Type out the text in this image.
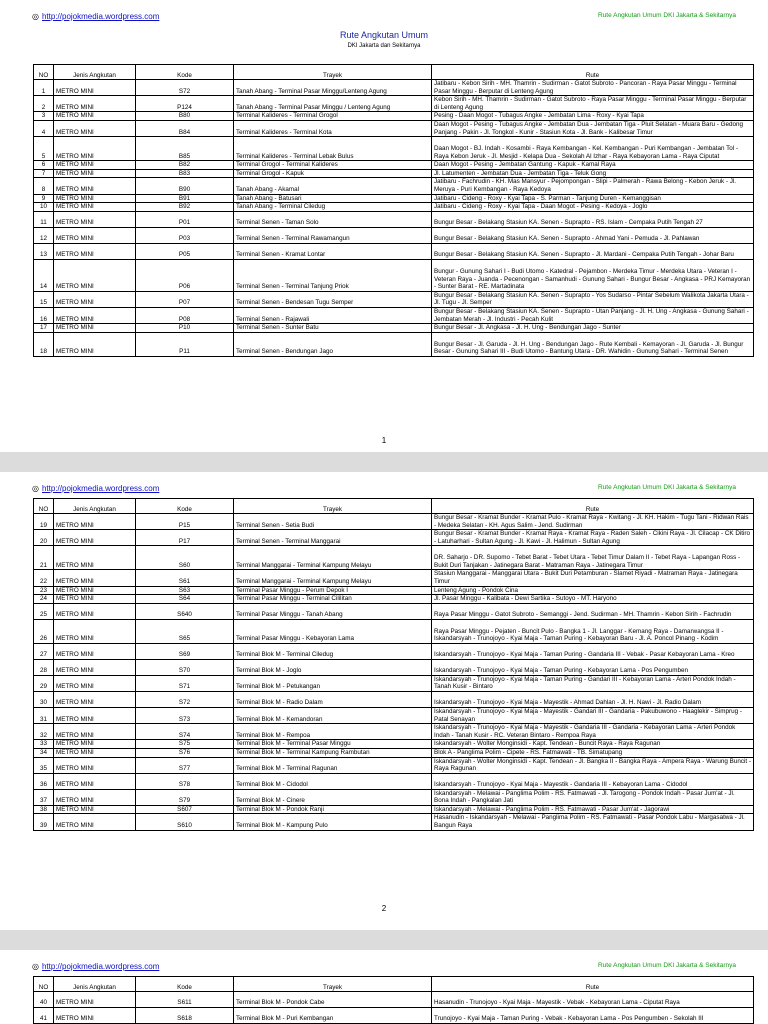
◎ http://pojokmedia.wordpress.com	Rute Angkutan Umum DKI Jakarta & Sekitarnya
Rute Angkutan Umum
DKI Jakarta dan Sekitarnya
NO	Jenis Angkutan	Kode	Trayek	Rute
1	METRO MINI	S72	Tanah Abang - Terminal Pasar Minggu/Lenteng Agung	Jatibaru - Kebon Sirih - MH. Thamrin - Sudirman - Gatot Subroto - Pancoran - Raya Pasar Minggu - Terminal Pasar Minggu - Berputar di Lenteng Agung
2	METRO MINI	P124	Tanah Abang - Terminal Pasar Minggu / Lenteng Agung	Kebon Sirih - MH. Thamrin - Sudirman - Gatot Subroto - Raya Pasar Minggu - Terminal Pasar Minggu - Berputar di Lenteng Agung
3	METRO MINI	B80	Terminal Kalideres - Terminal Grogol	Pesing - Daan Mogot - Tubagus Angke - Jembatan Lima - Roxy - Kyai Tapa
4	METRO MINI	B84	Terminal Kalideres - Terminal Kota	Daan Mogot - Pesing - Tubagus Angke - Jembatan Dua - Jembatan Tiga - Pluit Selatan - Muara Baru - Gedong Panjang - Pakin - Jl. Tongkol - Kunir - Stasiun Kota - Jl. Bank - Kalibesar Timur
5	METRO MINI	B85	Terminal Kalideres - Terminal Lebak Bulus	Daan Mogot - BJ. Indah - Kosambi - Raya Kembangan - Kel. Kembangan - Puri Kembangan - Jembatan Tol - Raya Kebon Jeruk - Jl. Mesjid - Kelapa Dua - Sekolah Al Izhar - Raya Kebayoran Lama - Raya Ciputat
6	METRO MINI	B82	Terminal Grogol - Terminal Kalideres	Daan Mogot - Pesing - Jembatan Gantung - Kapuk - Kamal Raya
7	METRO MINI	B83	Terminal Grogol - Kapuk	Jl. Latumenten - Jembatan Dua - Jembatan Tiga - Teluk Gong
8	METRO MINI	B90	Tanah Abang - Akamal	Jatibaru - Fachrudin - KH. Mas Mansyur - Pejompongan - Slipi - Palmerah - Rawa Belong - Kebon Jeruk - Jl. Meruya - Puri Kembangan - Raya Kedoya
9	METRO MINI	B91	Tanah Abang - Batusari	Jatibaru - Cideng - Roxy - Kyai Tapa - S. Parman - Tanjung Duren - Kemanggisan
10	METRO MINI	B92	Tanah Abang - Terminal Ciledug	Jatibaru - Cideng - Roxy - Kyai Tapa - Daan Mogot - Pesing - Kedoya - Joglo
11	METRO MINI	P01	Terminal Senen - Taman Solo	Bungur Besar - Belakang Stasiun KA. Senen - Suprapto - RS. Islam - Cempaka Putih Tengah 27
12	METRO MINI	P03	Terminal Senen - Terminal Rawamangun	Bungur Besar - Belakang Stasiun KA. Senen - Suprapto - Ahmad Yani - Pemuda - Jl. Pahlawan
13	METRO MINI	P05	Terminal Senen - Kramat Lontar	Bungur Besar - Belakang Stasiun KA. Senen - Suprapto - Jl. Mardani - Cempaka Putih Tengah - Johar Baru
14	METRO MINI	P06	Terminal Senen - Terminal Tanjung Priok	Bungur - Gunung Sahari I - Budi Utomo - Katedral - Pejambon - Merdeka Timur - Merdeka Utara - Veteran I - Veteran Raya - Juanda - Pecenongan - Samanhudi - Gunung Sahari - Bungur Besar - Angkasa - PRJ Kemayoran - Sunter Barat - RE. Martadinata
15	METRO MINI	P07	Terminal Senen - Bendesan Tugu Semper	Bungur Besar - Belakang Stasiun KA. Senen - Suprapto - Yos Sudarso - Pintar Sebelum Walikota Jakarta Utara - Jl. Tugu - Jl. Semper
16	METRO MINI	P08	Terminal Senen - Rajawali	Bungur Besar - Belakang Stasiun KA. Senen - Suprapto - Utan Panjang - Jl. H. Ung - Angkasa - Gunung Sahari - Jembatan Merah - Jl. Industri - Pecah Kulit
17	METRO MINI	P10	Terminal Senen - Sunter Batu	Bungur Besar - Jl. Angkasa - Jl. H. Ung - Bendungan Jago - Sunter
18	METRO MINI	P11	Terminal Senen - Bendungan Jago	Bungur Besar - Jl. Garuda - Jl. H. Ung - Bendungan Jago - Rute Kembali - Kemayoran - Jl. Garuda - Jl. Bungur Besar - Gunung Sahari III - Budi Utomo - Bantung Utara - DR. Wahidin - Gunung Sahari - Terminal Senen
1
◎ http://pojokmedia.wordpress.com	Rute Angkutan Umum DKI Jakarta & Sekitarnya
NO	Jenis Angkutan	Kode	Trayek	Rute
19	METRO MINI	P15	Terminal Senen - Setia Budi	Bungur Besar - Kramat Bunder - Kramat Pulo - Kramat Raya - Kwitang - Jl. KH. Hakim - Tugu Tani - Ridwan Rais - Medeka Selatan - KH. Agus Salim - Jend. Sudirman
20	METRO MINI	P17	Terminal Senen - Terminal Manggarai	Bungur Besar - Kramat Bunder - Kramat Raya - Kramat Raya - Raden Saleh - Cikini Raya - Jl. Cilacap - CK Ditiro - Latuharhari - Sultan Agung - Jl. Kawi - Jl. Halimun - Sultan Agung
21	METRO MINI	S60	Terminal Manggarai - Terminal Kampung Melayu	DR. Saharjo - DR. Supomo - Tebet Barat - Tebet Utara - Tebet Timur Dalam II - Tebet Raya - Lapangan Ross - Bukit Duri Tanjakan - Jatinegara Barat - Matraman Raya - Jatinegara Timur
22	METRO MINI	S61	Terminal Manggarai - Terminal Kampung Melayu	Stasiun Manggarai - Manggarai Utara - Bukit Duri Petamburan - Slamet Riyadi - Matraman Raya - Jatinegara Timur
23	METRO MINI	S63	Terminal Pasar Minggu - Perum Depok I	Lenteng Agung - Pondok Cina
24	METRO MINI	S64	Terminal Pasar Minggu - Terminal Cililitan	Jl. Pasar Minggu - Kalibata - Dewi Sartika - Sutoyo - MT. Haryono
25	METRO MINI	S640	Terminal Pasar Minggu - Tanah Abang	Raya Pasar Minggu - Gatot Subroto - Semanggi - Jend. Sudirman - MH. Thamrin - Kebon Sirih - Fachrudin
26	METRO MINI	S65	Terminal Pasar Minggu - Kebayoran Lama	Raya Pasar Minggu - Pejaten - Buncit Pulo - Bangka 1 - Jl. Langgar - Kemang Raya - Damarwangsa II - Iskandarsyah - Trunojoyo - Kyai Maja - Taman Puring - Kebayoran Baru - Jl. A. Poncol Pinang - Kodim
27	METRO MINI	S69	Terminal Blok M - Terminal Ciledug	Iskandarsyah - Trunojoyo - Kyai Maja - Taman Puring - Gandaria III - Vebak - Pasar Kebayoran Lama - Kreo
28	METRO MINI	S70	Terminal Blok M - Joglo	Iskandarsyah - Trunojoyo - Kyai Maja - Taman Puring - Kebayoran Lama - Pos Pengumben
29	METRO MINI	S71	Terminal Blok M - Petukangan	Iskandarsyah - Trunojoyo - Kyai Maja - Taman Puring - Gandari III - Kebayoran Lama - Arteri Pondok Indah - Tanah Kusir - Bintaro
30	METRO MINI	S72	Terminal Blok M - Radio Dalam	Iskandarsyah - Trunojoyo - Kyai Maja - Mayestik - Ahmad Dahlan - Jl. H. Nawi - Jl. Radio Dalam
31	METRO MINI	S73	Terminal Blok M - Kemandoran	Iskandarsyah - Trunojoyo - Kyai Maja - Mayestik - Gandari III - Gandaria - Pakubuwono - Haaglekir - Simprug - Patal Senayan
32	METRO MINI	S74	Terminal Blok M - Rempoa	Iskandarsyah - Trunojoyo - Kyai Maja - Mayestik - Gandaria III - Gandaria - Kebayoran Lama - Arteri Pondok Indah - Tanah Kusir - RC. Veteran Bintaro - Rempoa Raya
33	METRO MINI	S75	Terminal Blok M - Terminal Pasar Minggu	Iskandarsyah - Wolter Monginsidi - Kapt. Tendean - Buncit Raya - Raya Ragunan
34	METRO MINI	S76	Terminal Blok M - Terminal Kampung Rambutan	Blok A - Panglima Polim - Cipete - RS. Fatmawati - TB. Simatupang
35	METRO MINI	S77	Terminal Blok M - Terminal Ragunan	Iskandarsyah - Wolter Monginsidi - Kapt. Tendean - Jl. Bangka II - Bangka Raya - Ampera Raya - Warung Buncit - Raya Ragunan
36	METRO MINI	S78	Terminal Blok M - Cidodol	Iskandarsyah - Trunojoyo - Kyai Maja - Mayestik - Gandaria III - Kebayoran Lama - Cidodol
37	METRO MINI	S79	Terminal Blok M - Cinere	Iskandarsyah - Melawai - Panglima Polim - RS. Fatmawati - Jl. Tarogong - Pondok Indah - Pasar Jum'at - Jl. Bona Indah - Pangkalan Jati
38	METRO MINI	S607	Terminal Blok M - Pondok Ranji	Iskandarsyah - Melawai - Panglima Polim - RS. Fatmawati - Pasar Jum'at - Jagorawi
39	METRO MINI	S610	Terminal Blok M - Kampung Pulo	Hasanudin - Iskandarsyah - Melawai - Panglima Polim - RS. Fatmawati - Pasar Pondok Labu - Margasatwa - Jl. Bangun Raya
2
◎ http://pojokmedia.wordpress.com	Rute Angkutan Umum DKI Jakarta & Sekitarnya
NO	Jenis Angkutan	Kode	Trayek	Rute
40	METRO MINI	S611	Terminal Blok M - Pondok Cabe	Hasanudin - Trunojoyo - Kyai Maja - Mayestik - Vebak - Kebayoran Lama - Ciputat Raya
41	METRO MINI	S618	Terminal Blok M - Puri Kembangan	Trunojoyo - Kyai Maja - Taman Puring - Vebak - Kebayoran Lama - Pos Pengumben - Sekolah III
